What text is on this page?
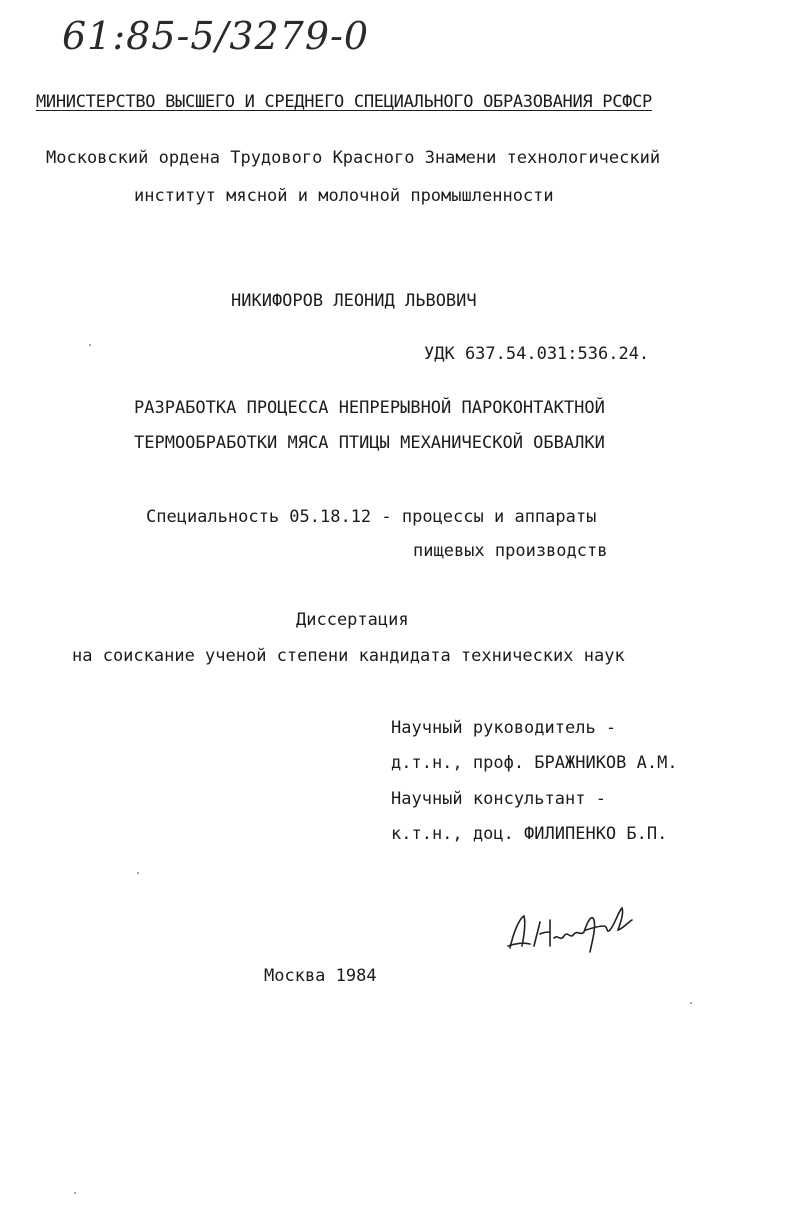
61:85-5/3279-0
МИНИСТЕРСТВО ВЫСШЕГО И СРЕДНЕГО СПЕЦИАЛЬНОГО ОБРАЗОВАНИЯ РСФСР
Московский ордена Трудового Красного Знамени технологический
институт мясной и молочной промышленности
НИКИФОРОВ ЛЕОНИД ЛЬВОВИЧ
УДК 637.54.031:536.24.
РАЗРАБОТКА ПРОЦЕССА НЕПРЕРЫВНОЙ ПАРОКОНТАКТНОЙ
ТЕРМООБРАБОТКИ МЯСА ПТИЦЫ МЕХАНИЧЕСКОЙ ОБВАЛКИ
Специальность 05.18.12 - процессы и аппараты
пищевых производств
Диссертация
на соискание ученой степени кандидата технических наук
Научный руководитель -
д.т.н., проф. БРАЖНИКОВ А.М.
Научный консультант -
к.т.н., доц. ФИЛИПЕНКО Б.П.
Москва 1984
